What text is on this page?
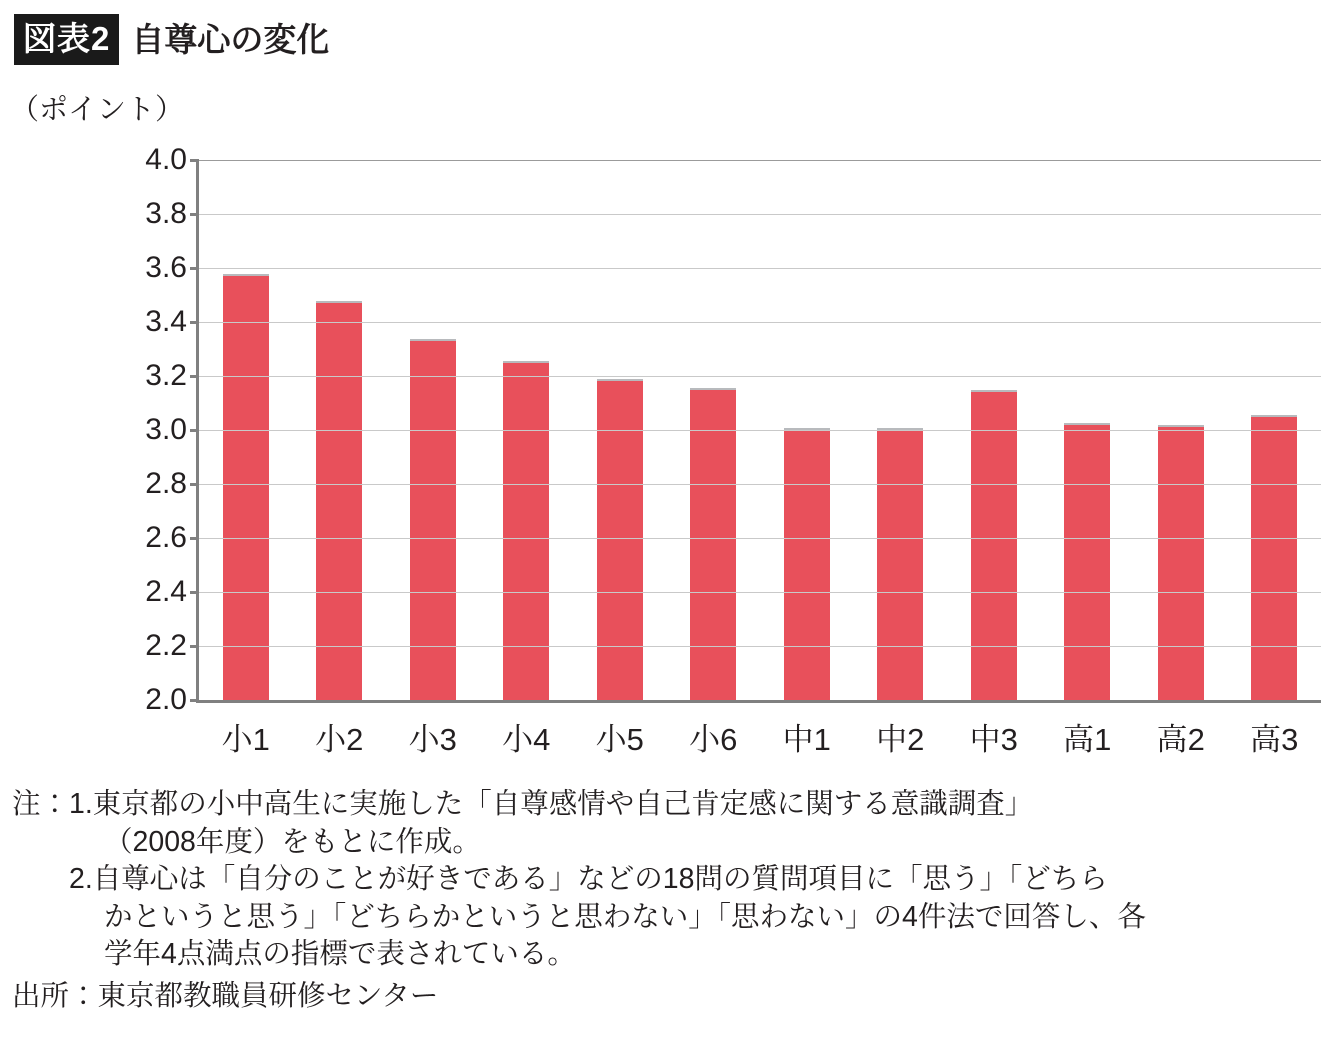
図表2 自尊心の変化
（ポイント）
小1	小2	小3	小4	小5	小6	中1	中2	中3	高1	高2	高3
4.0
3.8
3.6
3.4
3.2
3.0
2.8
2.6
2.4
2.2
2.0
注： 1. 東京都の小中高生に実施した「自尊感情や自己肯定感に関する意識調査」
（2008年度）をもとに作成。
2. 自尊心は「自分のことが好きである」などの18問の質問項目に「思う」「どちら
かというと思う」「どちらかというと思わない」「思わない」の4件法で回答し、各
学年4点満点の指標で表されている。
出所：東京都教職員研修センター
